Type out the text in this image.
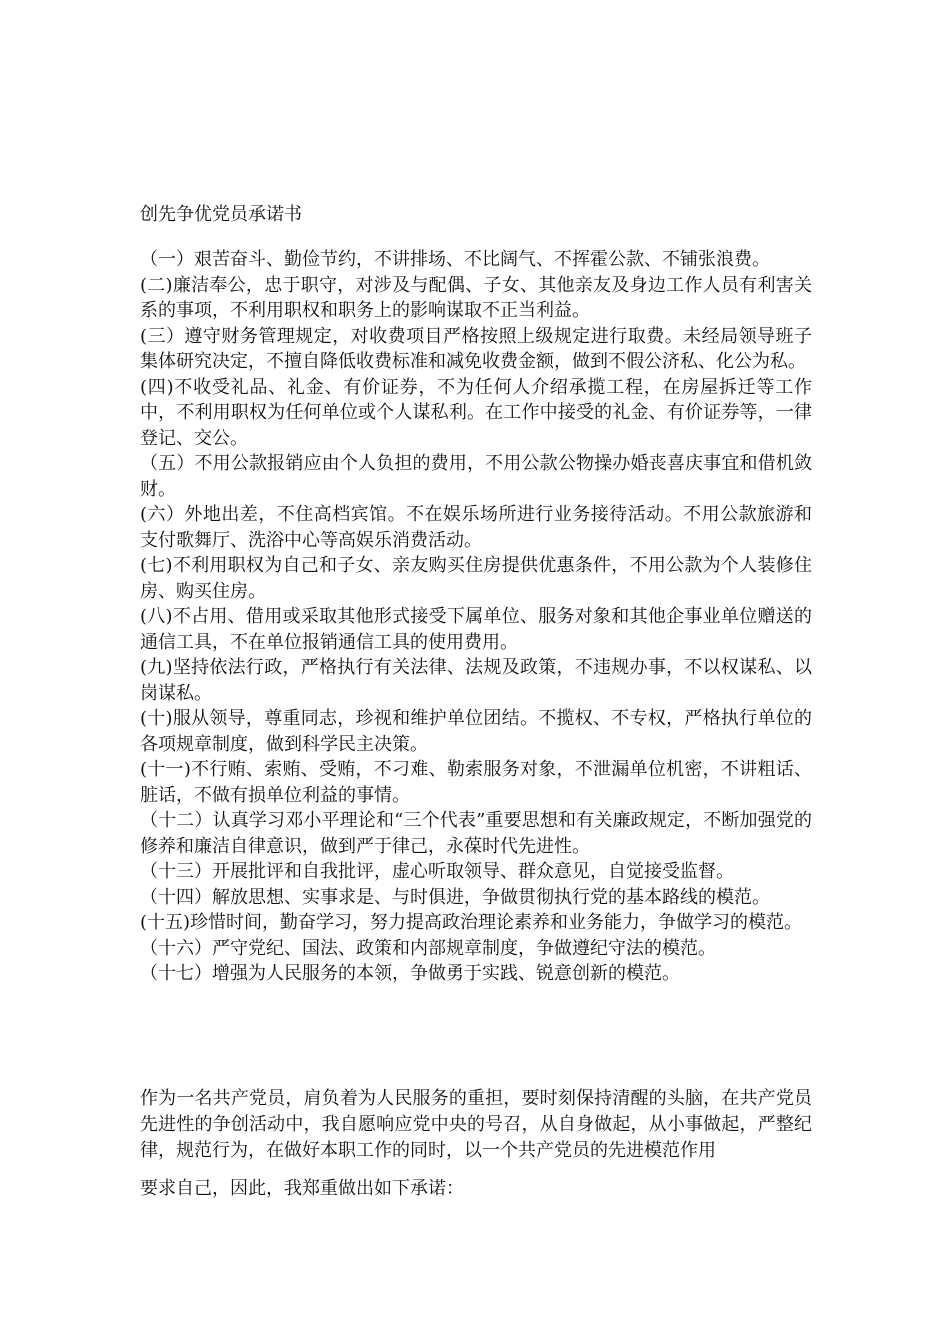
创先争优党员承诺书

（一）艰苦奋斗、勤俭节约，不讲排场、不比阔气、不挥霍公款、不铺张浪费。

(二)廉洁奉公，忠于职守，对涉及与配偶、子女、其他亲友及身边工作人员有利害关系的事项，不利用职权和职务上的影响谋取不正当利益。

(三）遵守财务管理规定，对收费项目严格按照上级规定进行取费。未经局领导班子集体研究决定，不擅自降低收费标准和减免收费金额，做到不假公济私、化公为私。

(四)不收受礼品、礼金、有价证券，不为任何人介绍承揽工程，在房屋拆迁等工作中，不利用职权为任何单位或个人谋私利。在工作中接受的礼金、有价证券等，一律登记、交公。

（五）不用公款报销应由个人负担的费用，不用公款公物操办婚丧喜庆事宜和借机敛财。

(六）外地出差，不住高档宾馆。不在娱乐场所进行业务接待活动。不用公款旅游和支付歌舞厅、洗浴中心等高娱乐消费活动。

(七)不利用职权为自己和子女、亲友购买住房提供优惠条件，不用公款为个人装修住房、购买住房。

(八)不占用、借用或采取其他形式接受下属单位、服务对象和其他企事业单位赠送的通信工具，不在单位报销通信工具的使用费用。

(九)坚持依法行政，严格执行有关法律、法规及政策，不违规办事，不以权谋私、以岗谋私。

(十)服从领导，尊重同志，珍视和维护单位团结。不揽权、不专权，严格执行单位的各项规章制度，做到科学民主决策。

(十一)不行贿、索贿、受贿，不刁难、勒索服务对象，不泄漏单位机密，不讲粗话、脏话，不做有损单位利益的事情。

（十二）认真学习邓小平理论和“三个代表”重要思想和有关廉政规定，不断加强党的修养和廉洁自律意识，做到严于律己，永葆时代先进性。

（十三）开展批评和自我批评，虚心听取领导、群众意见，自觉接受监督。

（十四）解放思想、实事求是、与时俱进，争做贯彻执行党的基本路线的模范。

(十五)珍惜时间，勤奋学习，努力提高政治理论素养和业务能力，争做学习的模范。

（十六）严守党纪、国法、政策和内部规章制度，争做遵纪守法的模范。

（十七）增强为人民服务的本领，争做勇于实践、锐意创新的模范。

作为一名共产党员，肩负着为人民服务的重担，要时刻保持清醒的头脑，在共产党员先进性的争创活动中，我自愿响应党中央的号召，从自身做起，从小事做起，严整纪律，规范行为，在做好本职工作的同时，以一个共产党员的先进模范作用
要求自己，因此，我郑重做出如下承诺：
